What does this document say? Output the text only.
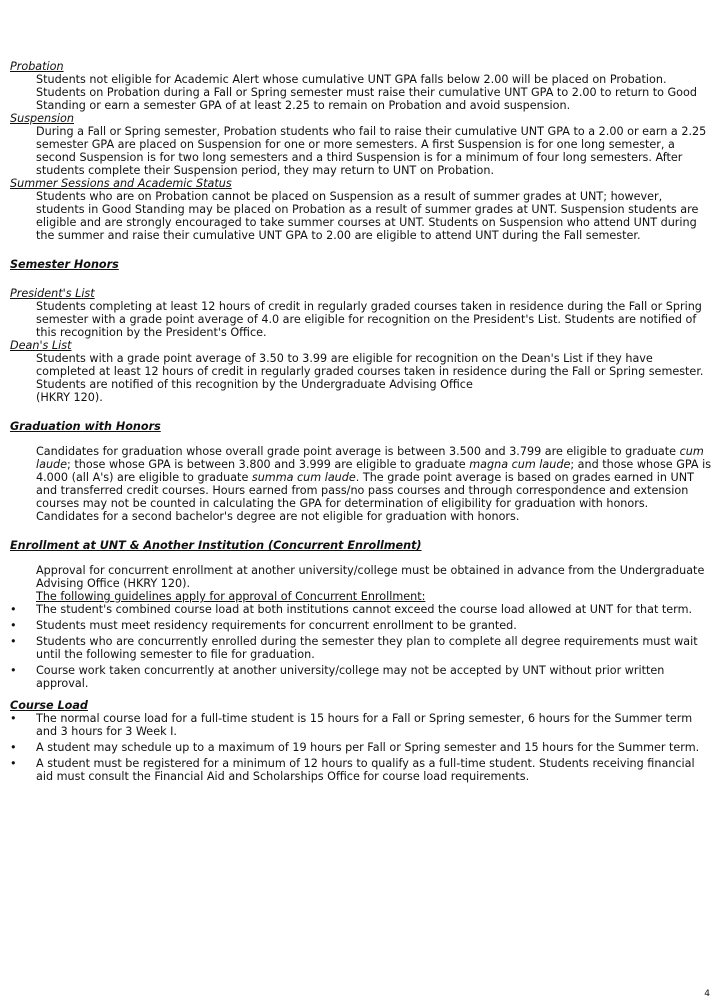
Probation

Students not eligible for Academic Alert whose cumulative UNT GPA falls below 2.00 will be placed on Probation. Students on Probation during a Fall or Spring semester must raise their cumulative UNT GPA to 2.00 to return to Good Standing or earn a semester GPA of at least 2.25 to remain on Probation and avoid suspension.

Suspension

During a Fall or Spring semester, Probation students who fail to raise their cumulative UNT GPA to a 2.00 or earn a 2.25 semester GPA are placed on Suspension for one or more semesters. A first Suspension is for one long semester, a second Suspension is for two long semesters and a third Suspension is for a minimum of four long semesters. After students complete their Suspension period, they may return to UNT on Probation.

Summer Sessions and Academic Status

Students who are on Probation cannot be placed on Suspension as a result of summer grades at UNT; however, students in Good Standing may be placed on Probation as a result of summer grades at UNT. Suspension students are eligible and are strongly encouraged to take summer courses at UNT. Students on Suspension who attend UNT during the summer and raise their cumulative UNT GPA to 2.00 are eligible to attend UNT during the Fall semester.

Semester Honors

President's List

Students completing at least 12 hours of credit in regularly graded courses taken in residence during the Fall or Spring semester with a grade point average of 4.0 are eligible for recognition on the President's List. Students are notified of this recognition by the President's Office.

Dean's List

Students with a grade point average of 3.50 to 3.99 are eligible for recognition on the Dean's List if they have completed at least 12 hours of credit in regularly graded courses taken in residence during the Fall or Spring semester. Students are notified of this recognition by the Undergraduate Advising Office

(HKRY 120).

Graduation with Honors

Candidates for graduation whose overall grade point average is between 3.500 and 3.799 are eligible to graduate cum laude; those whose GPA is between 3.800 and 3.999 are eligible to graduate magna cum laude; and those whose GPA is 4.000 (all A's) are eligible to graduate summa cum laude. The grade point average is based on grades earned in UNT and transferred credit courses. Hours earned from pass/no pass courses and through correspondence and extension courses may not be counted in calculating the GPA for determination of eligibility for graduation with honors. Candidates for a second bachelor's degree are not eligible for graduation with honors.

Enrollment at UNT & Another Institution (Concurrent Enrollment)

Approval for concurrent enrollment at another university/college must be obtained in advance from the Undergraduate Advising Office (HKRY 120).

The following guidelines apply for approval of Concurrent Enrollment:

• The student's combined course load at both institutions cannot exceed the course load allowed at UNT for that term.
• Students must meet residency requirements for concurrent enrollment to be granted.
• Students who are concurrently enrolled during the semester they plan to complete all degree requirements must wait until the following semester to file for graduation.
• Course work taken concurrently at another university/college may not be accepted by UNT without prior written approval.

Course Load

• The normal course load for a full-time student is 15 hours for a Fall or Spring semester, 6 hours for the Summer term and 3 hours for 3 Week I.
• A student may schedule up to a maximum of 19 hours per Fall or Spring semester and 15 hours for the Summer term.
• A student must be registered for a minimum of 12 hours to qualify as a full-time student. Students receiving financial aid must consult the Financial Aid and Scholarships Office for course load requirements.
4
